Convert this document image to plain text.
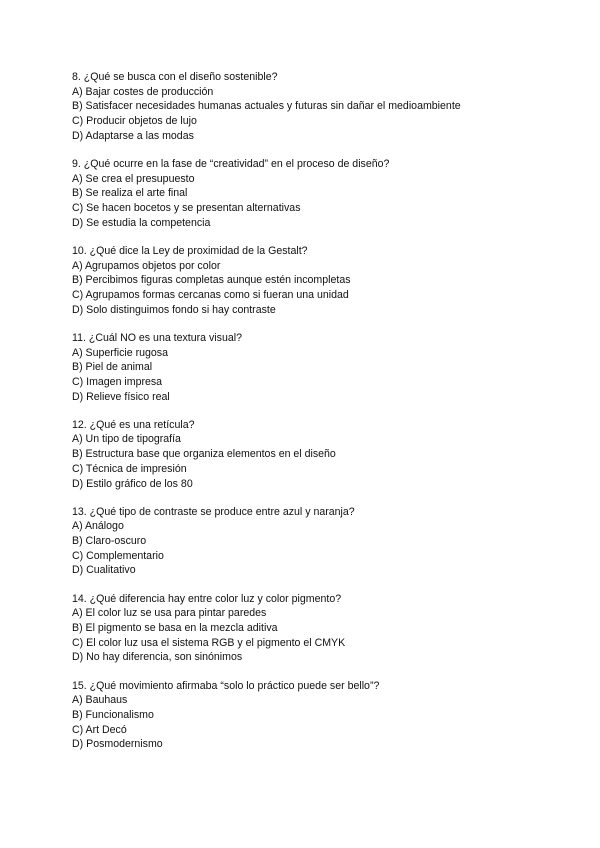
8. ¿Qué se busca con el diseño sostenible?
A) Bajar costes de producción
B) Satisfacer necesidades humanas actuales y futuras sin dañar el medioambiente
C) Producir objetos de lujo
D) Adaptarse a las modas
9. ¿Qué ocurre en la fase de “creatividad” en el proceso de diseño?
A) Se crea el presupuesto
B) Se realiza el arte final
C) Se hacen bocetos y se presentan alternativas
D) Se estudia la competencia
10. ¿Qué dice la Ley de proximidad de la Gestalt?
A) Agrupamos objetos por color
B) Percibimos figuras completas aunque estén incompletas
C) Agrupamos formas cercanas como si fueran una unidad
D) Solo distinguimos fondo si hay contraste
11. ¿Cuál NO es una textura visual?
A) Superficie rugosa
B) Piel de animal
C) Imagen impresa
D) Relieve físico real
12. ¿Qué es una retícula?
A) Un tipo de tipografía
B) Estructura base que organiza elementos en el diseño
C) Técnica de impresión
D) Estilo gráfico de los 80
13. ¿Qué tipo de contraste se produce entre azul y naranja?
A) Análogo
B) Claro-oscuro
C) Complementario
D) Cualitativo
14. ¿Qué diferencia hay entre color luz y color pigmento?
A) El color luz se usa para pintar paredes
B) El pigmento se basa en la mezcla aditiva
C) El color luz usa el sistema RGB y el pigmento el CMYK
D) No hay diferencia, son sinónimos
15. ¿Qué movimiento afirmaba “solo lo práctico puede ser bello”?
A) Bauhaus
B) Funcionalismo
C) Art Decó
D) Posmodernismo
